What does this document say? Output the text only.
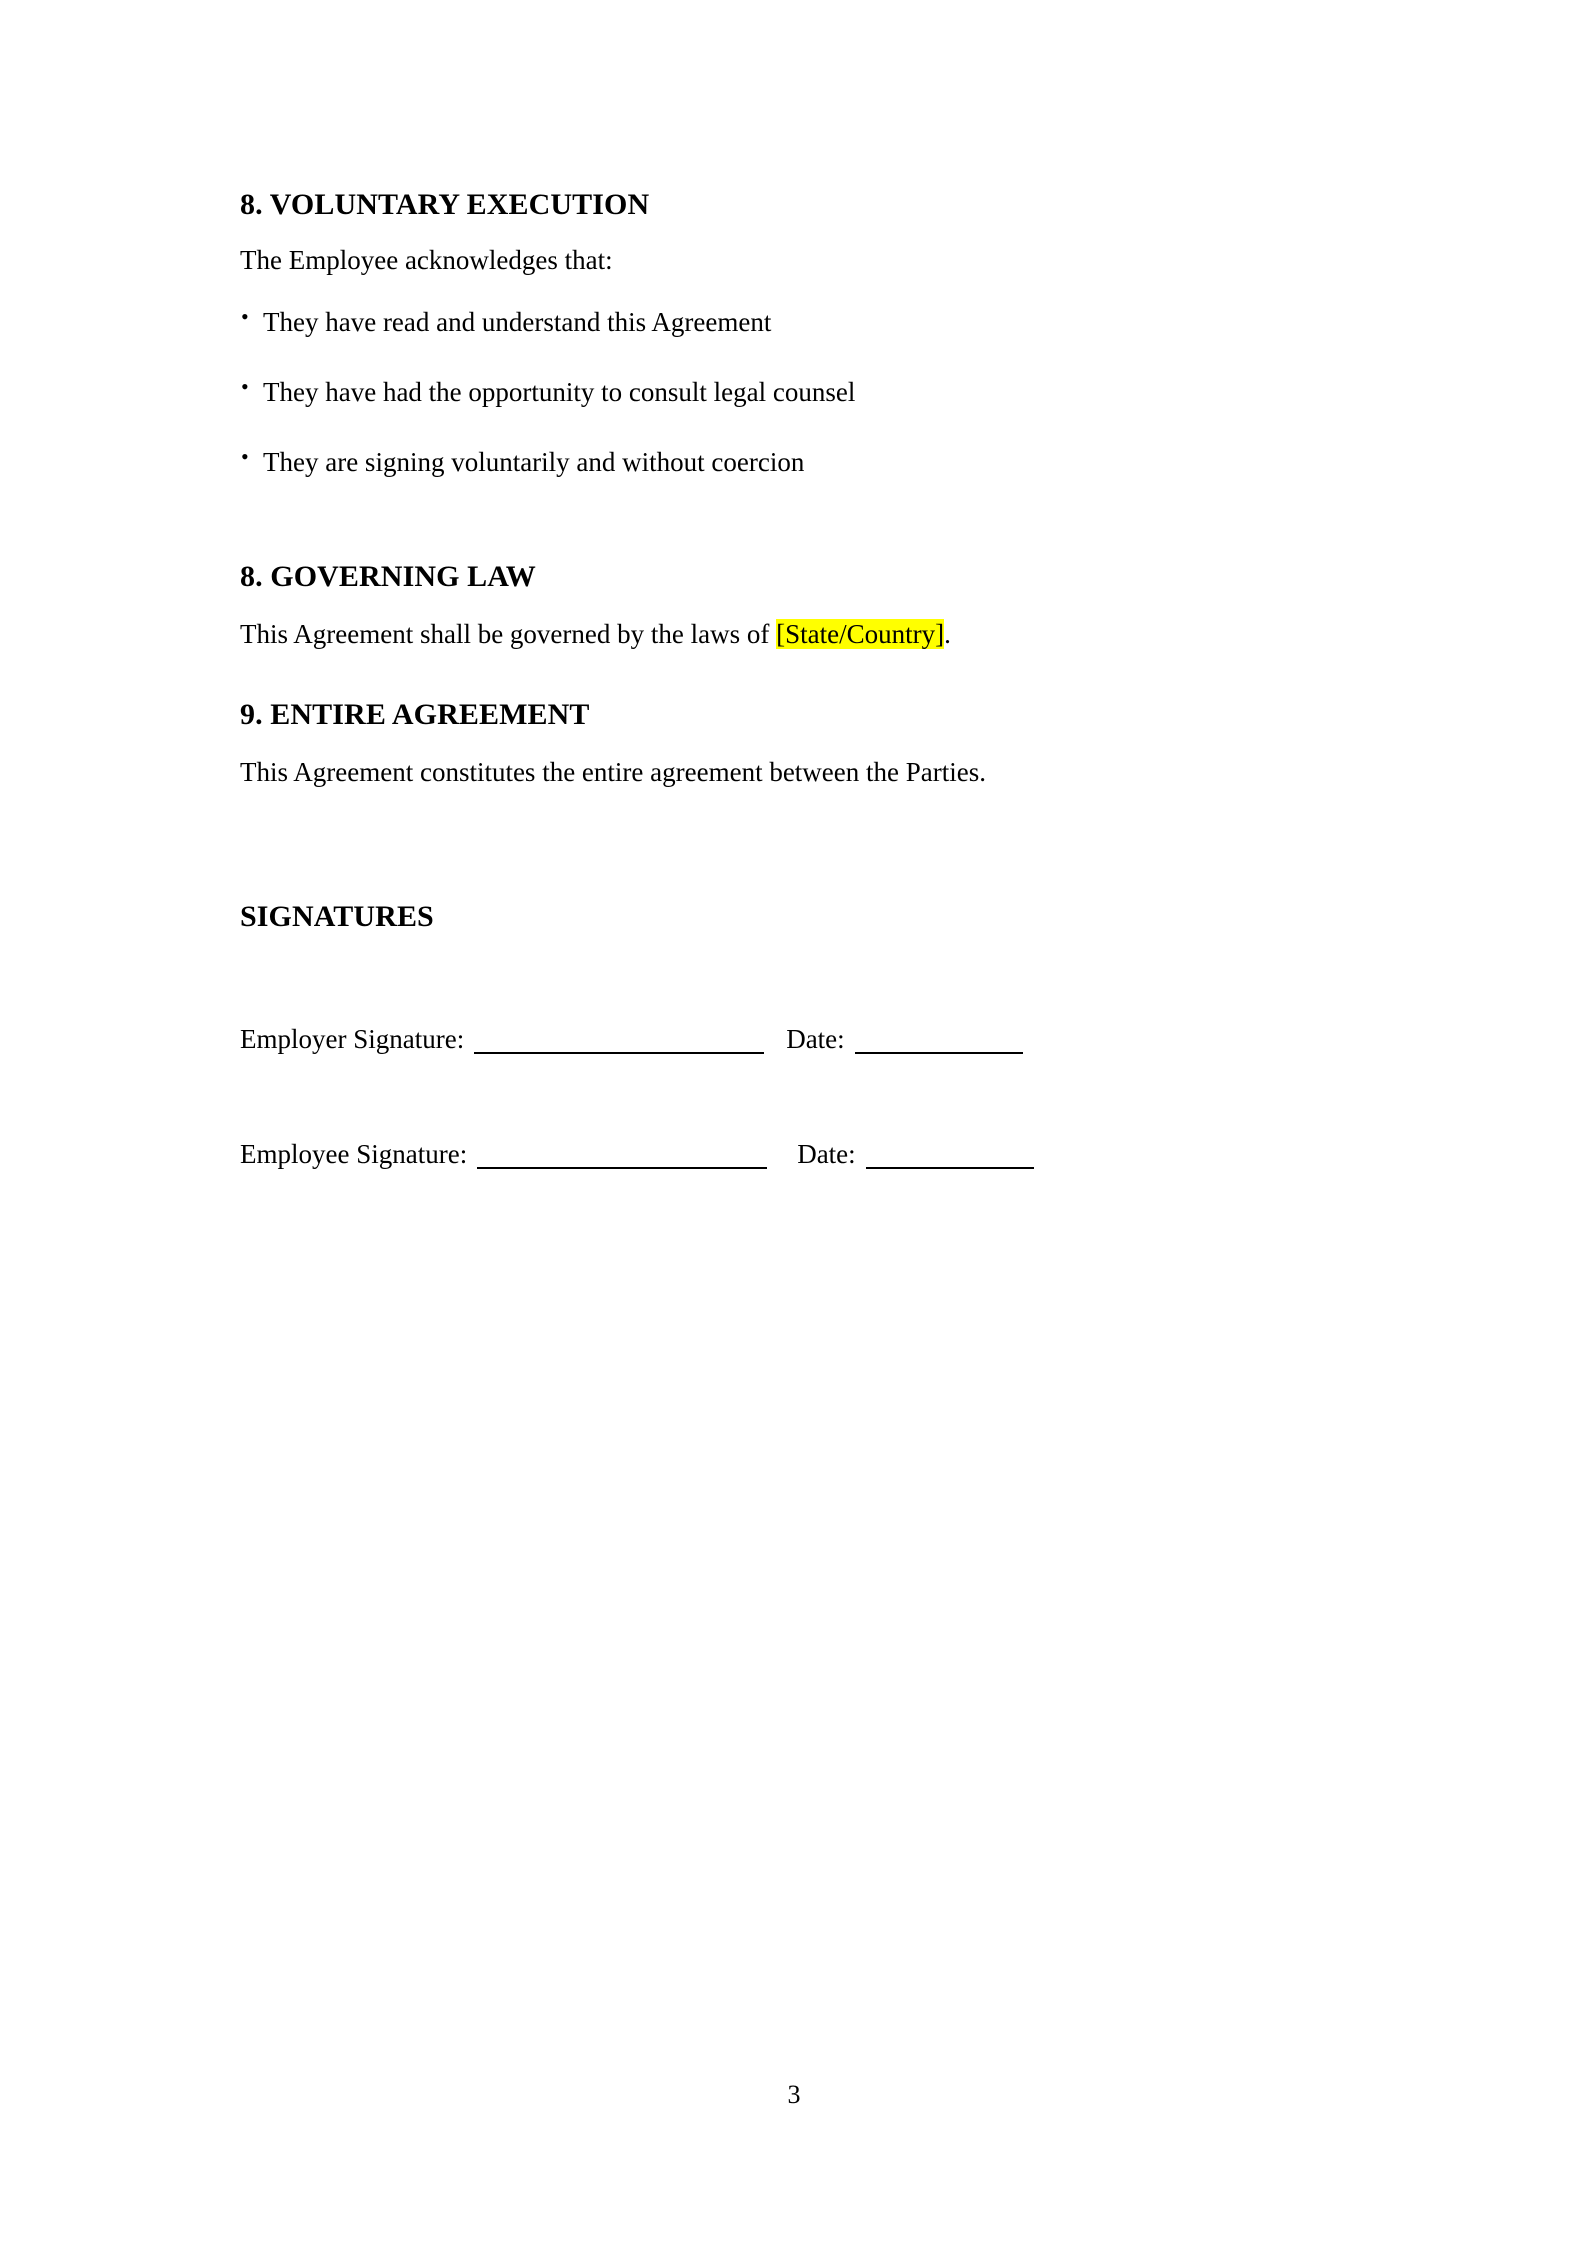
8. VOLUNTARY EXECUTION

The Employee acknowledges that:

• They have read and understand this Agreement
• They have had the opportunity to consult legal counsel
• They are signing voluntarily and without coercion
8. GOVERNING LAW

This Agreement shall be governed by the laws of [State/Country].

9. ENTIRE AGREEMENT

This Agreement constitutes the entire agreement between the Parties.

SIGNATURES
Employer Signature:	Date:
Employee Signature:	Date:
3
